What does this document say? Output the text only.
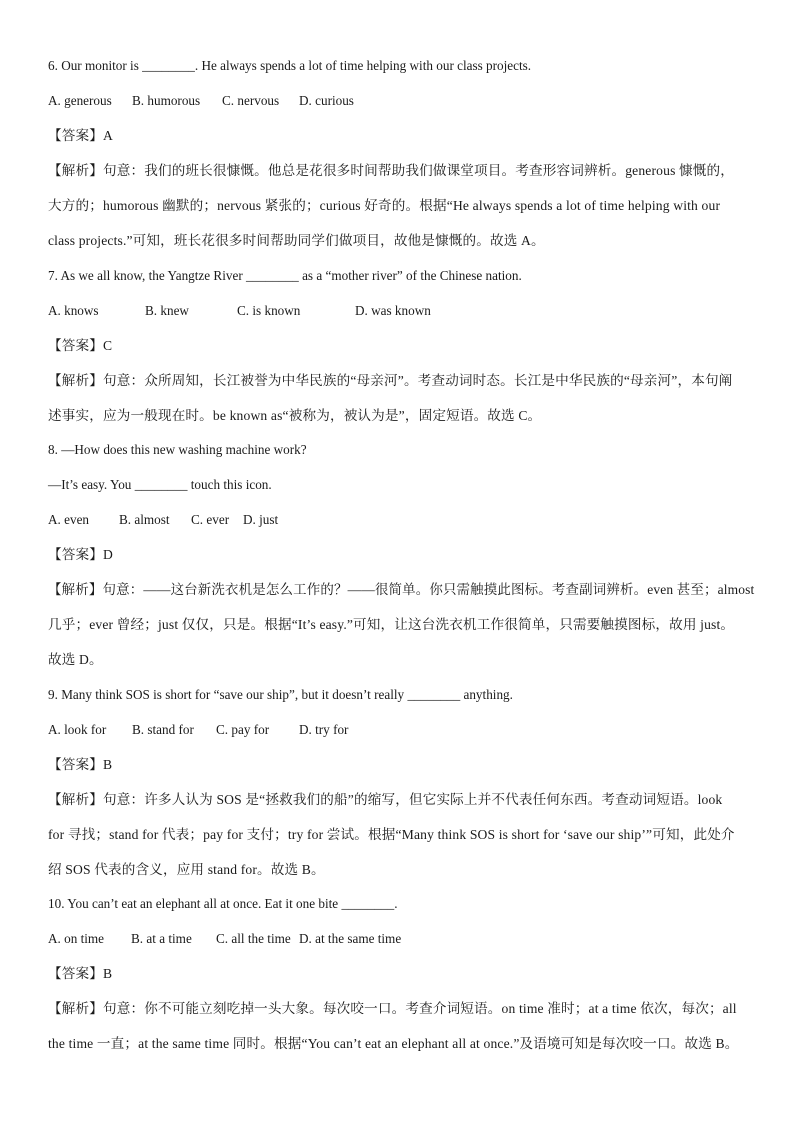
6. Our monitor is ________. He always spends a lot of time helping with our class projects.
A. generous B. humorous C. nervous D. curious
【答案】A
【解析】句意：我们的班长很慷慨。他总是花很多时间帮助我们做课堂项目。考查形容词辨析。generous 慷慨的，
大方的；humorous 幽默的；nervous 紧张的；curious 好奇的。根据“He always spends a lot of time helping with our
class projects.”可知，班长花很多时间帮助同学们做项目，故他是慷慨的。故选 A。
7. As we all know, the Yangtze River ________ as a “mother river” of the Chinese nation.
A. knows	B. knew	C. is known	D. was known
【答案】C
【解析】句意：众所周知，长江被誉为中华民族的“母亲河”。考查动词时态。长江是中华民族的“母亲河”，本句阐
述事实，应为一般现在时。be known as“被称为，被认为是”，固定短语。故选 C。
8. —How does this new washing machine work?
—It’s easy. You ________ touch this icon.
A. even B. almost C. ever D. just
【答案】D
【解析】句意：——这台新洗衣机是怎么工作的？——很简单。你只需触摸此图标。考查副词辨析。even 甚至；almost
几乎；ever 曾经；just 仅仅，只是。根据“It’s easy.”可知，让这台洗衣机工作很简单，只需要触摸图标，故用 just。
故选 D。
9. Many think SOS is short for “save our ship”, but it doesn’t really ________ anything.
A. look for B. stand for C. pay for D. try for
【答案】B
【解析】句意：许多人认为 SOS 是“拯救我们的船”的缩写，但它实际上并不代表任何东西。考查动词短语。look
for 寻找；stand for 代表；pay for 支付；try for 尝试。根据“Many think SOS is short for ‘save our ship’”可知，此处介
绍 SOS 代表的含义，应用 stand for。故选 B。
10. You can’t eat an elephant all at once. Eat it one bite ________.
A. on time B. at a time C. all the time D. at the same time
【答案】B
【解析】句意：你不可能立刻吃掉一头大象。每次咬一口。考查介词短语。on time 准时；at a time 依次，每次；all
the time 一直；at the same time 同时。根据“You can’t eat an elephant all at once.”及语境可知是每次咬一口。故选 B。
